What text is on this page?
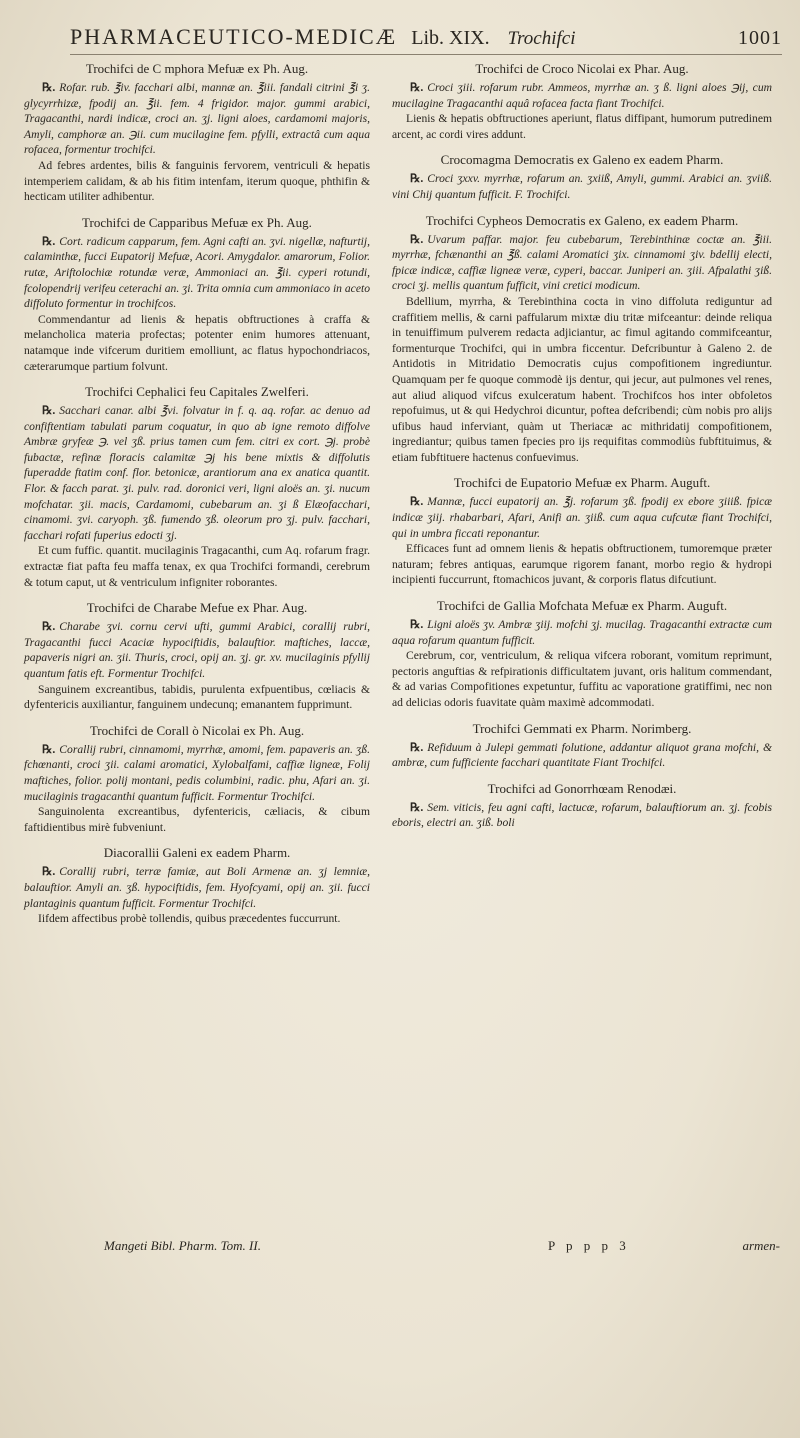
PHARMACEUTICO-MEDICÆ Lib. XIX. Trochifci	1001
Trochifci de C mphora Mefuæ ex Ph. Aug.

℞. Rofar. rub. ℥iv. facchari albi, mannæ an. ℥iii. fandali citrini ℥i ʒ. glycyrrhizæ, fpodij an. ℥ii. fem. 4 frigidor. major. gummi arabici, Tragacanthi, nardi indicæ, croci an. ʒj. ligni aloes, cardamomi majoris, Amyli, camphoræ an. ℈ii. cum mucilagine fem. pfylli, extractâ cum aqua rofacea, formentur trochifci.

Ad febres ardentes, bilis & fanguinis fervorem, ventriculi & hepatis intemperiem calidam, & ab his fitim intenfam, iterum quoque, phthifin & hecticam utiliter adhibentur.

Trochifci de Capparibus Mefuæ ex Ph. Aug.

℞. Cort. radicum capparum, fem. Agni cafti an. ʒvi. nigellæ, nafturtij, calaminthæ, fucci Eupatorij Mefuæ, Acori. Amygdalor. amarorum, Folior. rutæ, Ariftolochiæ rotundæ veræ, Ammoniaci an. ℥ii. cyperi rotundi, fcolopendrij verifeu ceterachi an. ʒi. Trita omnia cum ammoniaco in aceto diffoluto formentur in trochifcos.

Commendantur ad lienis & hepatis obftructiones à craffa & melancholica materia profectas; potenter enim humores attenuant, natamque inde vifcerum duritiem emolliunt, ac flatus hypochondriacos, cæterarumque partium folvunt.

Trochifci Cephalici feu Capitales Zwelferi.

℞. Sacchari canar. albi ℥vi. folvatur in f. q. aq. rofar. ac denuo ad confiftentiam tabulati parum coquatur, in quo ab igne remoto diffolve Ambræ gryfeæ ℈. vel ʒß. prius tamen cum fem. citri ex cort. ℈j. probè fubactæ, refinæ floracis calamitæ ℈j his bene mixtis & diffolutis fuperadde ftatim conf. flor. betonicæ, arantiorum ana ex anatica quantit. Flor. & facch parat. ʒi. pulv. rad. doronici veri, ligni aloës an. ʒi. nucum mofchatar. ʒii. macis, Cardamomi, cubebarum an. ʒi ß Elæofacchari, cinamomi. ʒvi. caryoph. ʒß. fumendo ʒß. oleorum pro ʒj. pulv. facchari, facchari rofati fuperius edocti ʒj.

Et cum fuffic. quantit. mucilaginis Tragacanthi, cum Aq. rofarum fragr. extractæ fiat pafta feu maffa tenax, ex qua Trochifci formandi, cerebrum & totum caput, ut & ventriculum infigniter roborantes.

Trochifci de Charabe Mefue ex Phar. Aug.

℞. Charabe ʒvi. cornu cervi ufti, gummi Arabici, corallij rubri, Tragacanthi fucci Acaciæ hypociftidis, balauftior. maftiches, laccæ, papaveris nigri an. ʒii. Thuris, croci, opij an. ʒj. gr. xv. mucilaginis pfyllij quantum fatis eft. Formentur Trochifci.

Sanguinem excreantibus, tabidis, purulenta exfpuentibus, cœliacis & dyfentericis auxiliantur, fanguinem undecunq; emanantem fupprimunt.

Trochifci de Corall ò Nicolai ex Ph. Aug.

℞. Corallij rubri, cinnamomi, myrrhæ, amomi, fem. papaveris an. ʒß. fchœnanti, croci ʒii. calami aromatici, Xylobalfami, caffiæ ligneæ, Folij maftiches, folior. polij montani, pedis columbini, radic. phu, Afari an. ʒi. mucilaginis tragacanthi quantum fufficit. Formentur Trochifci.

Sanguinolenta excreantibus, dyfentericis, cæliacis, & cibum faftidientibus mirè fubveniunt.

Diacorallii Galeni ex eadem Pharm.

℞. Corallij rubri, terræ famiæ, aut Boli Armenæ an. ʒj lemniæ, balauftior. Amyli an. ʒß. hypociftidis, fem. Hyofcyami, opij an. ʒii. fucci plantaginis quantum fufficit. Formentur Trochifci.

Iifdem affectibus probè tollendis, quibus præcedentes fuccurrunt.

Trochifci de Croco Nicolai ex Phar. Aug.

℞. Croci ʒiii. rofarum rubr. Ammeos, myrrhæ an. ʒ ß. ligni aloes ℈ij, cum mucilagine Tragacanthi aquâ rofacea facta fiant Trochifci.

Lienis & hepatis obftructiones aperiunt, flatus diffipant, humorum putredinem arcent, ac cordi vires addunt.

Crocomagma Democratis ex Galeno ex eadem Pharm.

℞. Croci ʒxxv. myrrhæ, rofarum an. ʒxiiß, Amyli, gummi. Arabici an. ʒviiß. vini Chij quantum fufficit. F. Trochifci.

Trochifci Cypheos Democratis ex Galeno, ex eadem Pharm.

℞. Uvarum paffar. major. feu cubebarum, Terebinthinæ coctæ an. ℥iii. myrrhæ, fchænanthi an ℥ß. calami Aromatici ʒix. cinnamomi ʒiv. bdellij electi, fpicæ indicæ, caffiæ ligneæ veræ, cyperi, baccar. Juniperi an. ʒiii. Afpalathi ʒiß. croci ʒj. mellis quantum fufficit, vini cretici modicum.

Bdellium, myrrha, & Terebinthina cocta in vino diffoluta rediguntur ad craffitiem mellis, & carni paffularum mixtæ diu tritæ mifceantur: deinde reliqua in tenuiffimum pulverem redacta adjiciantur, ac fimul agitando commifceantur, formenturque Trochifci, qui in umbra ficcentur. Defcribuntur à Galeno 2. de Antidotis in Mitridatio Democratis cujus compofitionem ingrediuntur. Quamquam per fe quoque commodè ijs dentur, qui jecur, aut pulmones vel renes, aut aliud aliquod vifcus exulceratum habent. Trochifcos hos inter obfoletos repofuimus, ut & qui Hedychroi dicuntur, poftea defcribendi; cùm nobis pro alijs ufibus haud inferviant, quàm ut Theriacæ ac mithridatij compofitionem, ingrediantur; quibus tamen fpecies pro ijs requifitas commodiùs fubftituimus, & etiam fubftituere hactenus confuevimus.

Trochifci de Eupatorio Mefuæ ex Pharm. Auguft.

℞. Mannæ, fucci eupatorij an. ℥j. rofarum ʒß. fpodij ex ebore ʒiiiß. fpicæ indicæ ʒiij. rhabarbari, Afari, Anifi an. ʒiiß. cum aqua cufcutæ fiant Trochifci, qui in umbra ficcati reponantur.

Efficaces funt ad omnem lienis & hepatis obftructionem, tumoremque præter naturam; febres antiquas, earumque rigorem fanant, morbo regio & hydropi incipienti fuccurrunt, ftomachicos juvant, & corporis flatus difcutiunt.

Trochifci de Gallia Mofchata Mefuæ ex Pharm. Auguft.

℞. Ligni aloës ʒv. Ambræ ʒiij. mofchi ʒj. mucilag. Tragacanthi extractæ cum aqua rofarum quantum fufficit.

Cerebrum, cor, ventriculum, & reliqua vifcera roborant, vomitum reprimunt, pectoris anguftias & refpirationis difficultatem juvant, oris halitum commendant, & ad varias Compofitiones expetuntur, fuffitu ac vaporatione gratiffimi, nec non ad delicias odoris fuavitate quàm maximè adcommodati.

Trochifci Gemmati ex Pharm. Norimberg.

℞. Refiduum à Julepi gemmati folutione, addantur aliquot grana mofchi, & ambræ, cum fufficiente facchari quantitate Fiant Trochifci.

Trochifci ad Gonorrhœam Renodæi.

℞. Sem. viticis, feu agni cafti, lactucæ, rofarum, balauftiorum an. ʒj. fcobis eboris, electri an. ʒiß. boli

Mangeti Bibl. Pharm. Tom. II.	P p p p 3	armen-
